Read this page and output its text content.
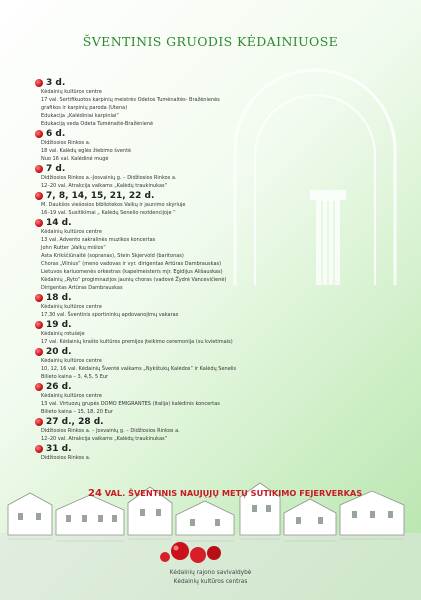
ŠVENTINIS GRUODIS KĖDAINIUOSE
3 d.
Kėdainių kultūros centre
17 val. Sertifikuotos karpinių meistrės Odetos Tumėnaitės- Bražėnienės
grafikos ir karpinių paroda (Utena)
Edukacija „Kalėdiniai karpiniai“
Edukaciją veda Odeta Tumėnaitė-Bražėnienė
6 d.
Didžiosios Rinkos a.
18 val. Kalėdų eglės žiebimo šventė
Nuo 16 val. Kalėdinė mugė
7 d.
Didžiosios Rinkos a.–Josvainių g. – Didžiosios Rinkos a.
12–20 val. Atrakcija vaikams „Kalėdų traukinukas“
7, 8, 14, 15, 21, 22 d.
M. Daukšos viešosios bibliotekos Vaikų ir jaunimo skyriuje
16–19 val. Susitikimai „ Kalėdų Senelio rezidencijoje “
14 d.
Kėdainių kultūros centre
13 val. Advento sakralinės muzikos koncertas
John Rutter „Valkų mišios“
Asta Krikščiūnaitė (sopranas), Stein Skjervold (baritonas)
Choras „Vilnius“ (meno vadovas ir vyr. dirigentas Artūras Dambrauskas)
Lietuvos kariuomenės orkestras (kapelmeisteris mjr. Egidijus Ališauskas)
Kėdainių „Ryto“ progimnazijos jaunių choras (vadovė Žydrė Vancevičienė)
Dirigentas Artūras Dambrauskas
18 d.
Kėdainių kultūros centre
17.30 val. Šventinis sportininkų apdovanojimų vakaras
19 d.
Kėdainių rotušėje
17 val. Kėdainių krašto kultūros premijos įteikimo ceremonija (su kvietimais)
20 d.
Kėdainių kultūros centre
10, 12, 16 val. Kėdainių Šventė vaikams „Nykštukų Kalėdos“ ir Kalėdų Senelis
Bilieto kaina – 3, 4,5, 5 Eur
26 d.
Kėdainių kultūros centre
13 val. Virtuozų grupės DOMO EMIGRANTES (Italija) kalėdinis koncertas
Bilieto kaina – 15, 18, 20 Eur
27 d., 28 d.
Didžiosios Rinkos a. – Josvainių g. – Didžiosios Rinkos a.
12–20 val. Atrakcija vaikams „Kalėdų traukinukas“
31 d.
Didžiosios Rinkos a.
24 VAL. ŠVENTINIS NAUJŲJŲ METŲ SUTIKIMO FEJERVERKAS
Kėdainių rajono savivaldybė
Kėdainių kultūros centras
